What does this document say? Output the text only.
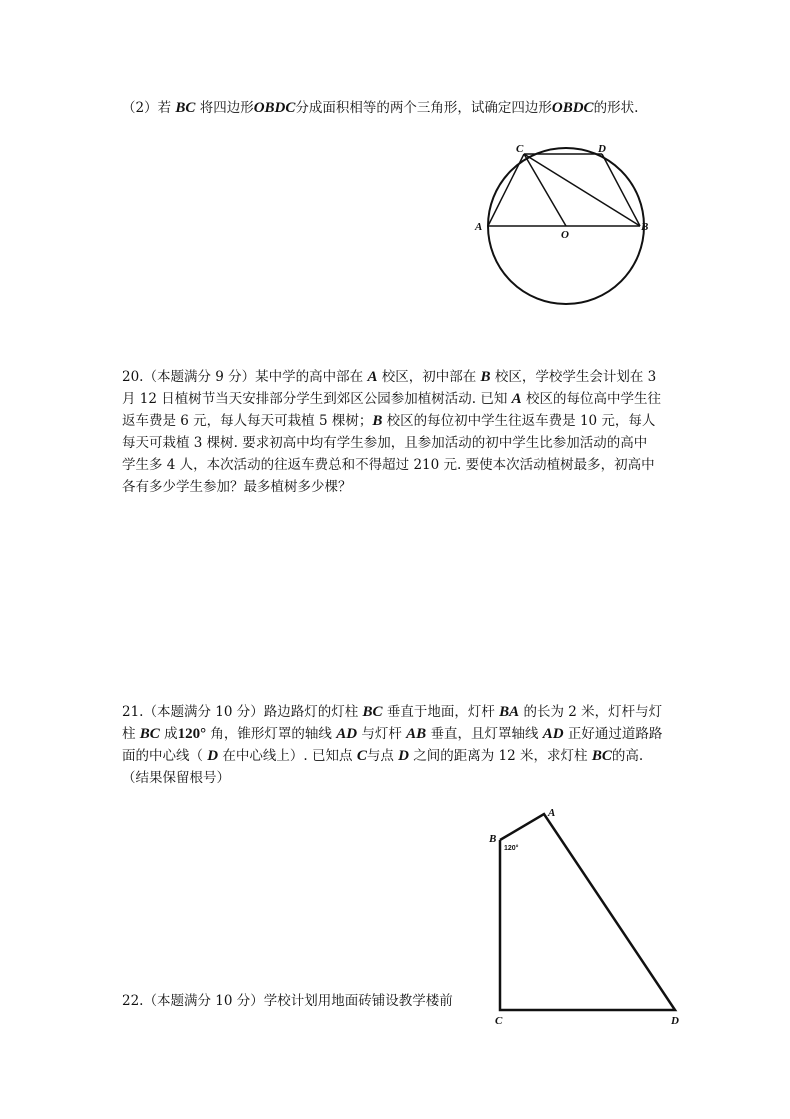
（2）若 BC 将四边形OBDC分成面积相等的两个三角形，试确定四边形OBDC的形状.
C	D
A
O
B
20.（本题满分 9 分）某中学的高中部在 A 校区，初中部在 B 校区，学校学生会计划在 3
月 12 日植树节当天安排部分学生到郊区公园参加植树活动. 已知 A 校区的每位高中学生往
返车费是 6 元，每人每天可栽植 5 棵树；B 校区的每位初中学生往返车费是 10 元，每人
每天可栽植 3 棵树. 要求初高中均有学生参加，且参加活动的初中学生比参加活动的高中
学生多 4 人，本次活动的往返车费总和不得超过 210 元. 要使本次活动植树最多，初高中
各有多少学生参加？最多植树多少棵？
21.（本题满分 10 分）路边路灯的灯柱 BC 垂直于地面，灯杆 BA 的长为 2 米，灯杆与灯
柱 BC 成120° 角，锥形灯罩的轴线 AD 与灯杆 AB 垂直，且灯罩轴线 AD 正好通过道路路
面的中心线（ D 在中心线上）. 已知点 C与点 D 之间的距离为 12 米，求灯柱 BC的高.
（结果保留根号）
B
A
C	D
120°
22.（本题满分 10 分）学校计划用地面砖铺设教学楼前
